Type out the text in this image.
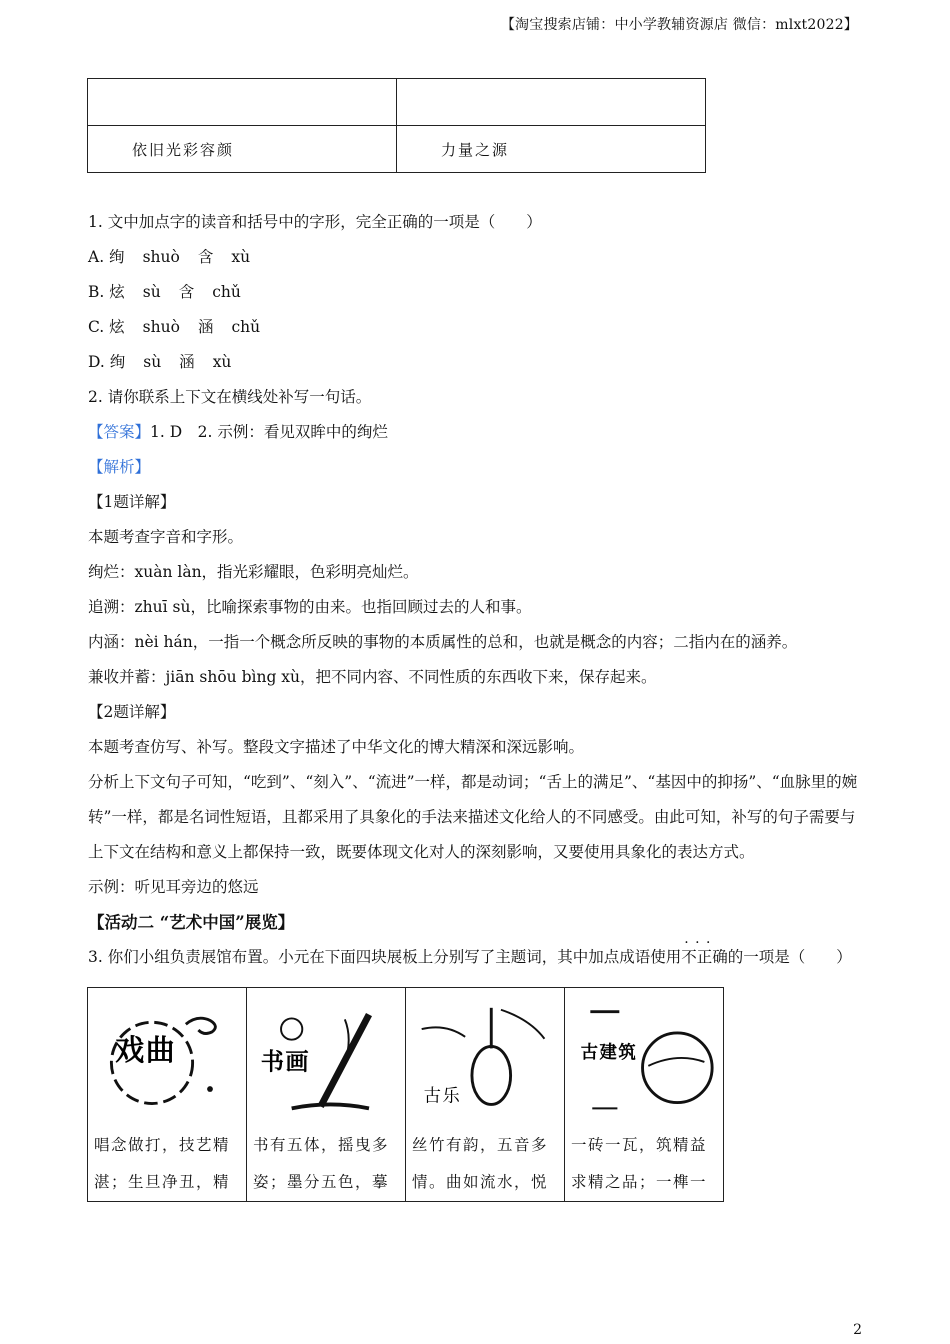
【淘宝搜索店铺：中小学教辅资源店 微信：mlxt2022】

依旧光彩容颜	力量之源

1. 文中加点字的读音和括号中的字形，完全正确的一项是（　　）

A. 绚 shuò 含 xù
B. 炫 sù 含 chǔ
C. 炫 shuò 涵 chǔ
D. 绚 sù 涵 xù

2. 请你联系上下文在横线处补写一句话。

【答案】1. D　2. 示例：看见双眸中的绚烂

【解析】

【1题详解】

本题考查字音和字形。

绚烂：xuàn làn，指光彩耀眼，色彩明亮灿烂。

追溯：zhuī sù，比喻探索事物的由来。也指回顾过去的人和事。

内涵：nèi hán，一指一个概念所反映的事物的本质属性的总和，也就是概念的内容；二指内在的涵养。

兼收并蓄：jiān shōu bìng xù，把不同内容、不同性质的东西收下来，保存起来。

【2题详解】

本题考查仿写、补写。整段文字描述了中华文化的博大精深和深远影响。

分析上下文句子可知，“吃到”、“刻入”、“流进”一样，都是动词；“舌上的满足”、“基因中的抑扬”、“血脉里的婉转”一样，都是名词性短语，且都采用了具象化的手法来描述文化给人的不同感受。由此可知，补写的句子需要与上下文在结构和意义上都保持一致，既要体现文化对人的深刻影响，又要使用具象化的表达方式。

示例：听见耳旁边的悠远

【活动二 “艺术中国”展览】

3. 你们小组负责展馆布置。小元在下面四块展板上分别写了主题词，其中加点成语使用· · · 不正确的一项是（　　）

戏曲
唱念做打，技艺精湛；生旦净丑，精

书画
书有五体，摇曳多姿；墨分五色，摹

古乐
丝竹有韵，五音多情。曲如流水，悦

古建筑
一砖一瓦，筑精益求精之品；一榫一
2
